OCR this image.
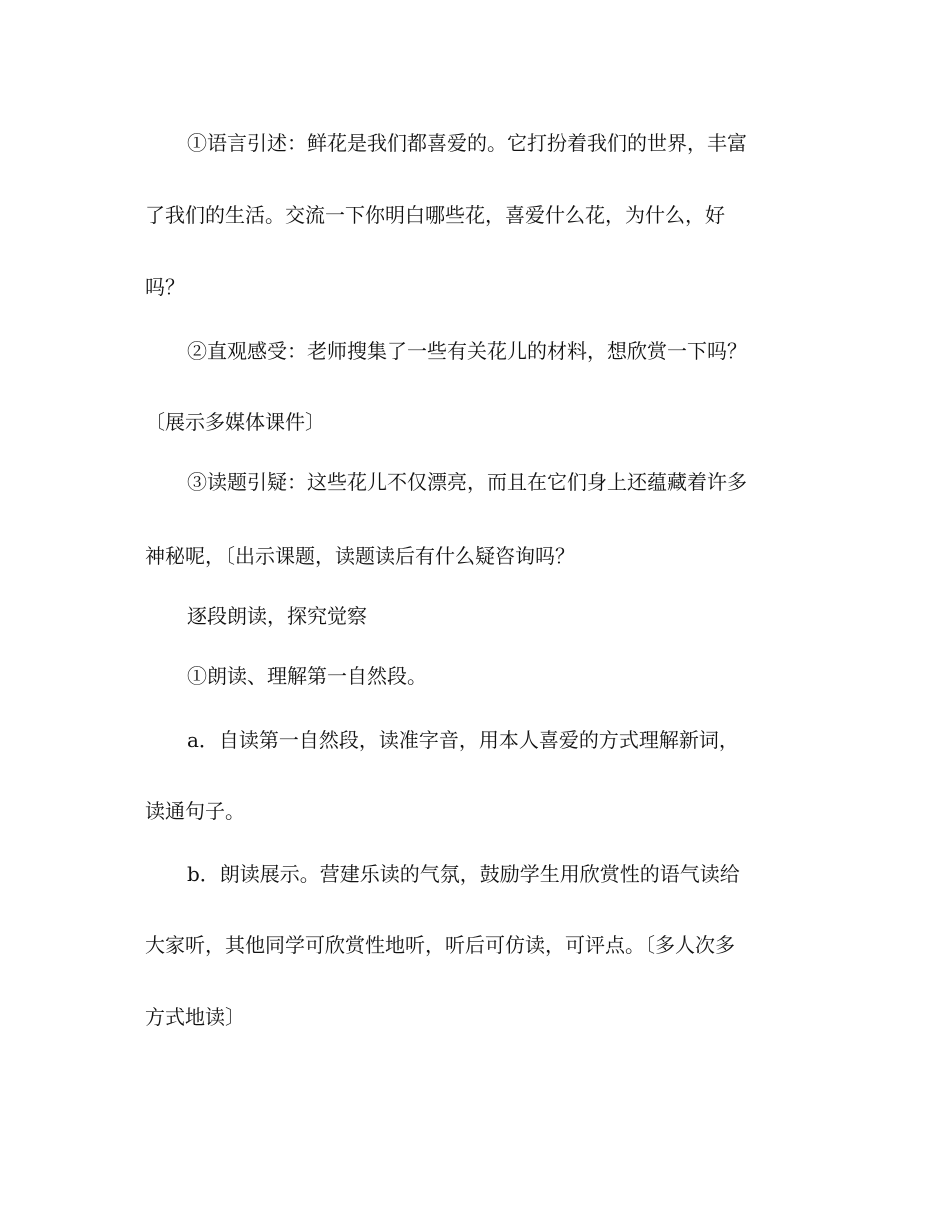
①语言引述：鲜花是我们都喜爱的。它打扮着我们的世界，丰富
了我们的生活。交流一下你明白哪些花，喜爱什么花，为什么，好
吗？
②直观感受：老师搜集了一些有关花儿的材料，想欣赏一下吗？
〔展示多媒体课件〕
③读题引疑：这些花儿不仅漂亮，而且在它们身上还蕴藏着许多
神秘呢，〔出示课题，读题读后有什么疑咨询吗？
逐段朗读，探究觉察
①朗读、理解第一自然段。
a．自读第一自然段，读准字音，用本人喜爱的方式理解新词，
读通句子。
b．朗读展示。营建乐读的气氛，鼓励学生用欣赏性的语气读给
大家听，其他同学可欣赏性地听，听后可仿读，可评点。〔多人次多
方式地读〕
